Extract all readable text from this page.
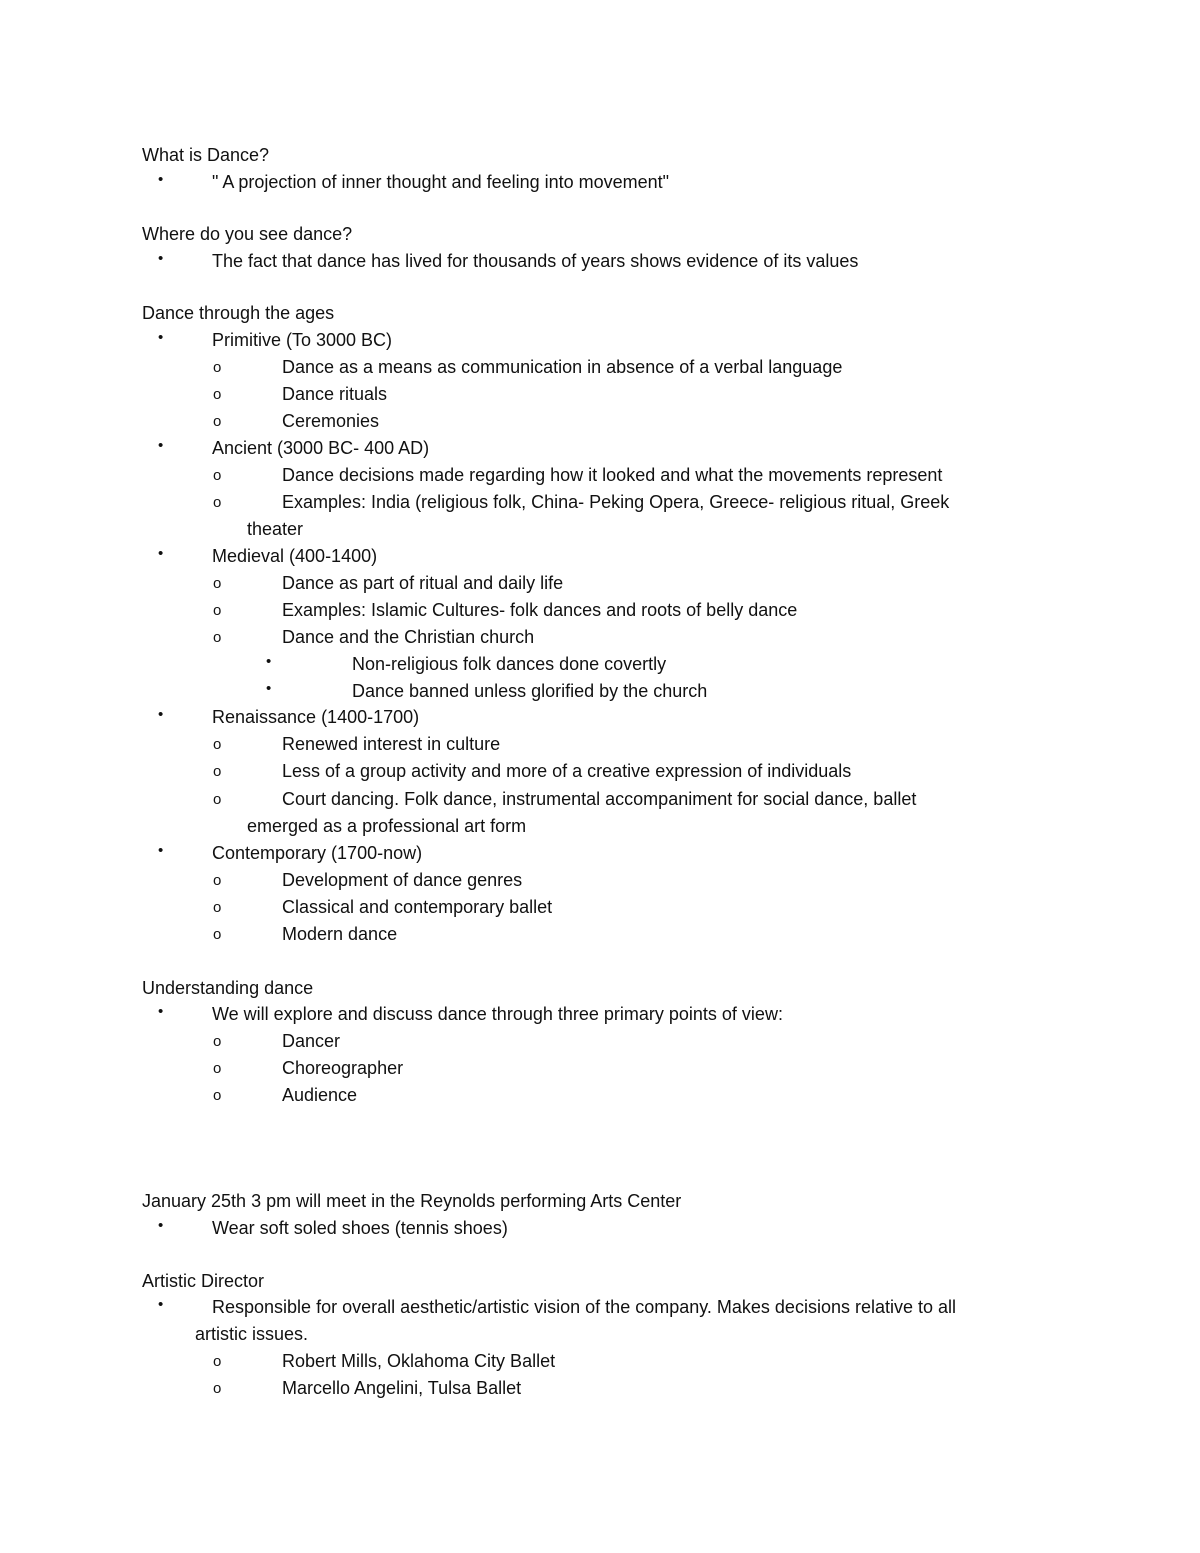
What is Dance?
•	" A projection of inner thought and feeling into movement"
Where do you see dance?
•	The fact that dance has lived for thousands of years shows evidence of its values
Dance through the ages
•	Primitive (To 3000 BC)
o	Dance as a means as communication in absence of a verbal language
o	Dance rituals
o	Ceremonies
•	Ancient (3000 BC- 400 AD)
o	Dance decisions made regarding how it looked and what the movements represent
o	Examples: India (religious folk, China- Peking Opera, Greece- religious ritual, Greek
theater
•	Medieval (400-1400)
o	Dance as part of ritual and daily life
o	Examples: Islamic Cultures- folk dances and roots of belly dance
o	Dance and the Christian church
•	Non-religious folk dances done covertly
•	Dance banned unless glorified by the church
•	Renaissance (1400-1700)
o	Renewed interest in culture
o	Less of a group activity and more of a creative expression of individuals
o	Court dancing. Folk dance, instrumental accompaniment for social dance, ballet
emerged as a professional art form
•	Contemporary (1700-now)
o	Development of dance genres
o	Classical and contemporary ballet
o	Modern dance
Understanding dance
•	We will explore and discuss dance through three primary points of view:
o	Dancer
o	Choreographer
o	Audience
January 25th 3 pm will meet in the Reynolds performing Arts Center
•	Wear soft soled shoes (tennis shoes)
Artistic Director
•	Responsible for overall aesthetic/artistic vision of the company. Makes decisions relative to all
artistic issues.
o	Robert Mills, Oklahoma City Ballet
o	Marcello Angelini, Tulsa Ballet
